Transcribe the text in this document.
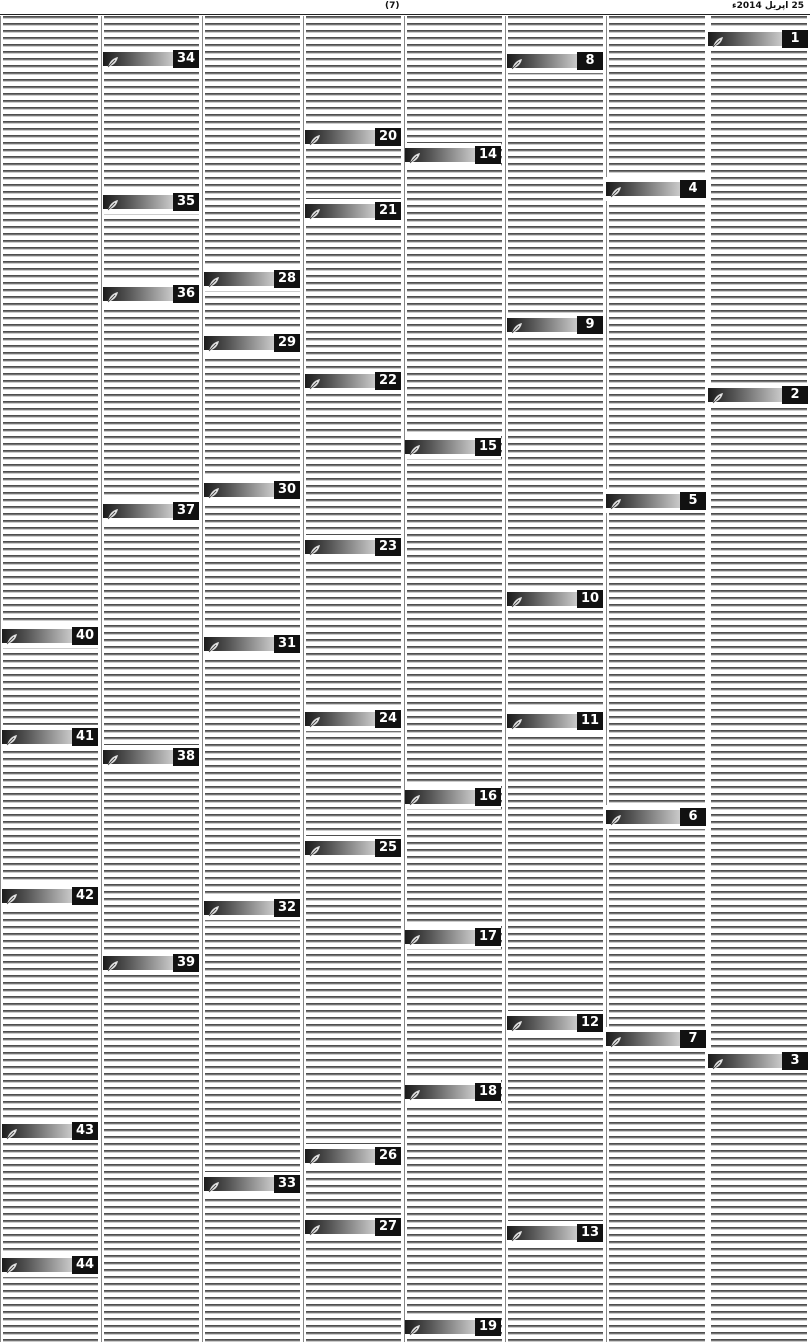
25 اپریل 2014ء
(7)
1
2
3
4
5
6
7
8
9
10
11
12
13
14
15
16
17
18
19
20
21
22
23
24
25
26
27
28
29
30
31
32
33
34
35
36
37
38
39
40
41
42
43
44
